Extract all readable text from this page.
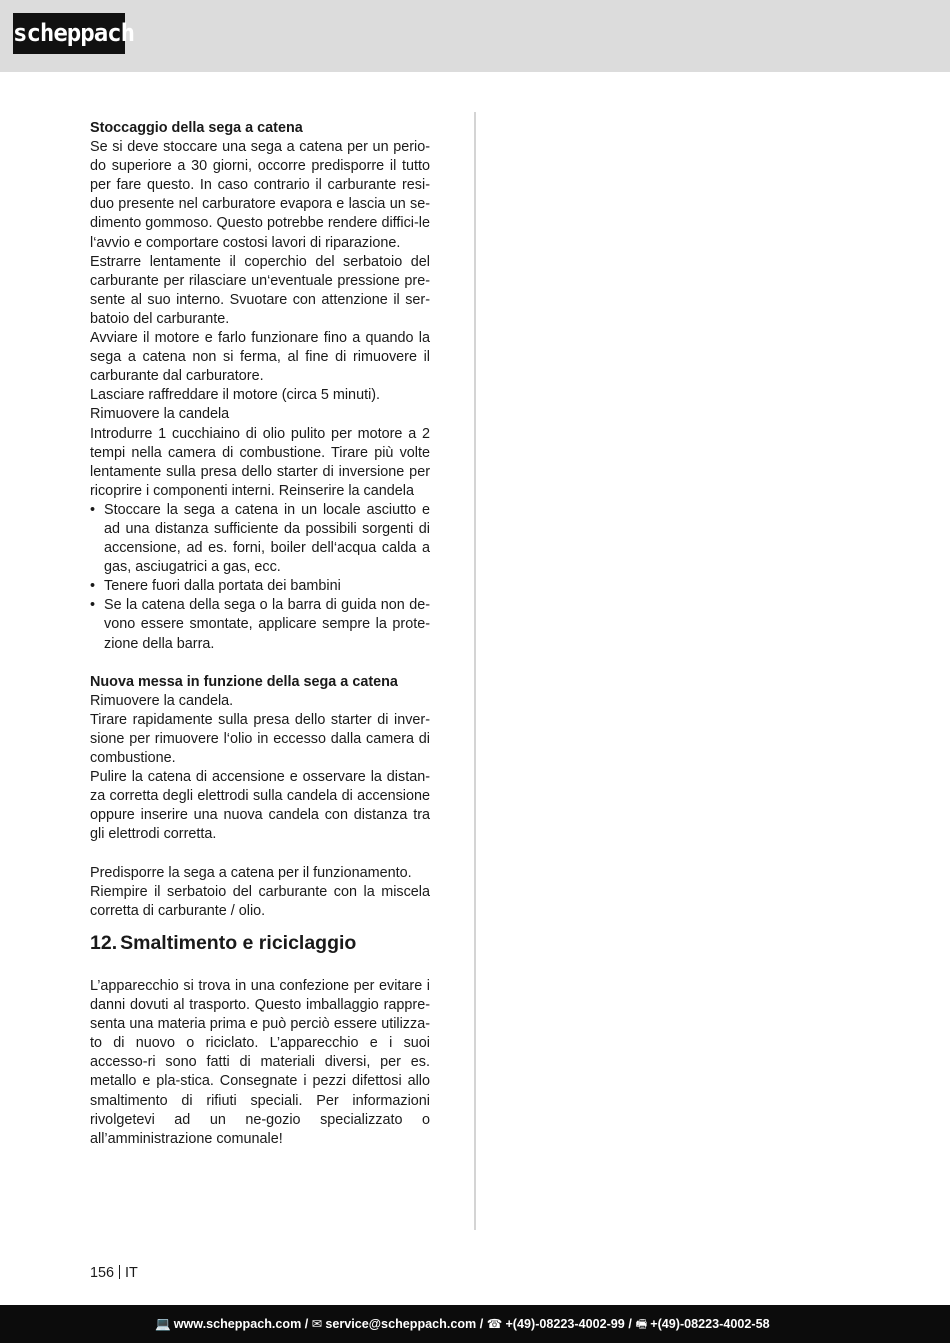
scheppach

Stoccaggio della sega a catena

Se si deve stoccare una sega a catena per un perio-do superiore a 30 giorni, occorre predisporre il tutto per fare questo. In caso contrario il carburante resi-duo presente nel carburatore evapora e lascia un se-dimento gommoso. Questo potrebbe rendere diffici-le l‘avvio e comportare costosi lavori di riparazione.

Estrarre lentamente il coperchio del serbatoio del carburante per rilasciare un‘eventuale pressione pre-sente al suo interno. Svuotare con attenzione il ser-batoio del carburante.

Avviare il motore e farlo funzionare fino a quando la sega a catena non si ferma, al fine di rimuovere il carburante dal carburatore.

Lasciare raffreddare il motore (circa 5 minuti).

Rimuovere la candela

Introdurre 1 cucchiaino di olio pulito per motore a 2 tempi nella camera di combustione. Tirare più volte lentamente sulla presa dello starter di inversione per ricoprire i componenti interni. Reinserire la candela

• Stoccare la sega a catena in un locale asciutto e ad una distanza sufficiente da possibili sorgenti di accensione, ad es. forni, boiler dell‘acqua calda a gas, asciugatrici a gas, ecc.
• Tenere fuori dalla portata dei bambini
• Se la catena della sega o la barra di guida non de-vono essere smontate, applicare sempre la prote-zione della barra.

Nuova messa in funzione della sega a catena

Rimuovere la candela.

Tirare rapidamente sulla presa dello starter di inver-sione per rimuovere l‘olio in eccesso dalla camera di combustione.

Pulire la catena di accensione e osservare la distan-za corretta degli elettrodi sulla candela di accensione oppure inserire una nuova candela con distanza tra gli elettrodi corretta.

Predisporre la sega a catena per il funzionamento.

Riempire il serbatoio del carburante con la miscela corretta di carburante / olio.

12. Smaltimento e riciclaggio

L’apparecchio si trova in una confezione per evitare i danni dovuti al trasporto. Questo imballaggio rappre-senta una materia prima e può perciò essere utilizza-to di nuovo o riciclato. L’apparecchio e i suoi accesso-ri sono fatti di materiali diversi, per es. metallo e pla-stica. Consegnate i pezzi difettosi allo smaltimento di rifiuti speciali. Per informazioni rivolgetevi ad un ne-gozio specializzato o all’amministrazione comunale!

156 IT
💻 www.scheppach.com / ✉ service@scheppach.com / ☎ +(49)-08223-4002-99 / 🖷 +(49)-08223-4002-58
